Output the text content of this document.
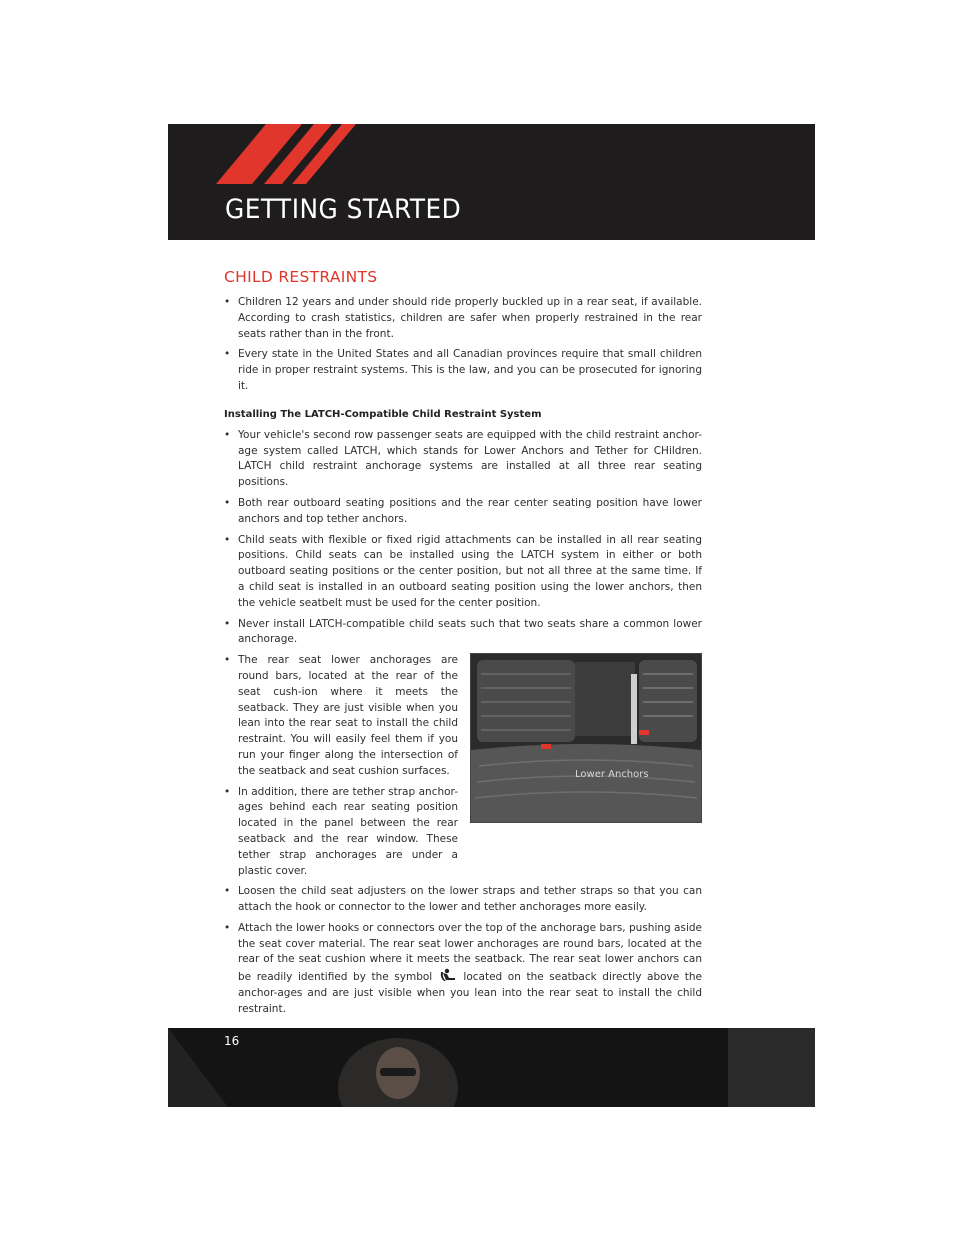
GETTING STARTED
CHILD RESTRAINTS
• Children 12 years and under should ride properly buckled up in a rear seat, if available. According to crash statistics, children are safer when properly restrained in the rear seats rather than in the front.
• Every state in the United States and all Canadian provinces require that small children ride in proper restraint systems. This is the law, and you can be prosecuted for ignoring it.
Installing The LATCH-Compatible Child Restraint System
• Your vehicle's second row passenger seats are equipped with the child restraint anchor-age system called LATCH, which stands for Lower Anchors and Tether for CHildren. LATCH child restraint anchorage systems are installed at all three rear seating positions.
• Both rear outboard seating positions and the rear center seating position have lower anchors and top tether anchors.
• Child seats with flexible or fixed rigid attachments can be installed in all rear seating positions. Child seats can be installed using the LATCH system in either or both outboard seating positions or the center position, but not all three at the same time. If a child seat is installed in an outboard seating position using the lower anchors, then the vehicle seatbelt must be used for the center position.
• Never install LATCH-compatible child seats such that two seats share a common lower anchorage.
Lower Anchors
• The rear seat lower anchorages are round bars, located at the rear of the seat cush-ion where it meets the seatback. They are just visible when you lean into the rear seat to install the child restraint. You will easily feel them if you run your finger along the intersection of the seatback and seat cushion surfaces.
• In addition, there are tether strap anchor-ages behind each rear seating position located in the panel between the rear seatback and the rear window. These tether strap anchorages are under a plastic cover.
• Loosen the child seat adjusters on the lower straps and tether straps so that you can attach the hook or connector to the lower and tether anchorages more easily.
• Attach the lower hooks or connectors over the top of the anchorage bars, pushing aside the seat cover material. The rear seat lower anchorages are round bars, located at the rear of the seat cushion where it meets the seatback. The rear seat lower anchors can be readily identified by the symbol	located on the seatback directly above the anchor-ages and are just visible when you lean into the rear seat to install the child restraint.
16
